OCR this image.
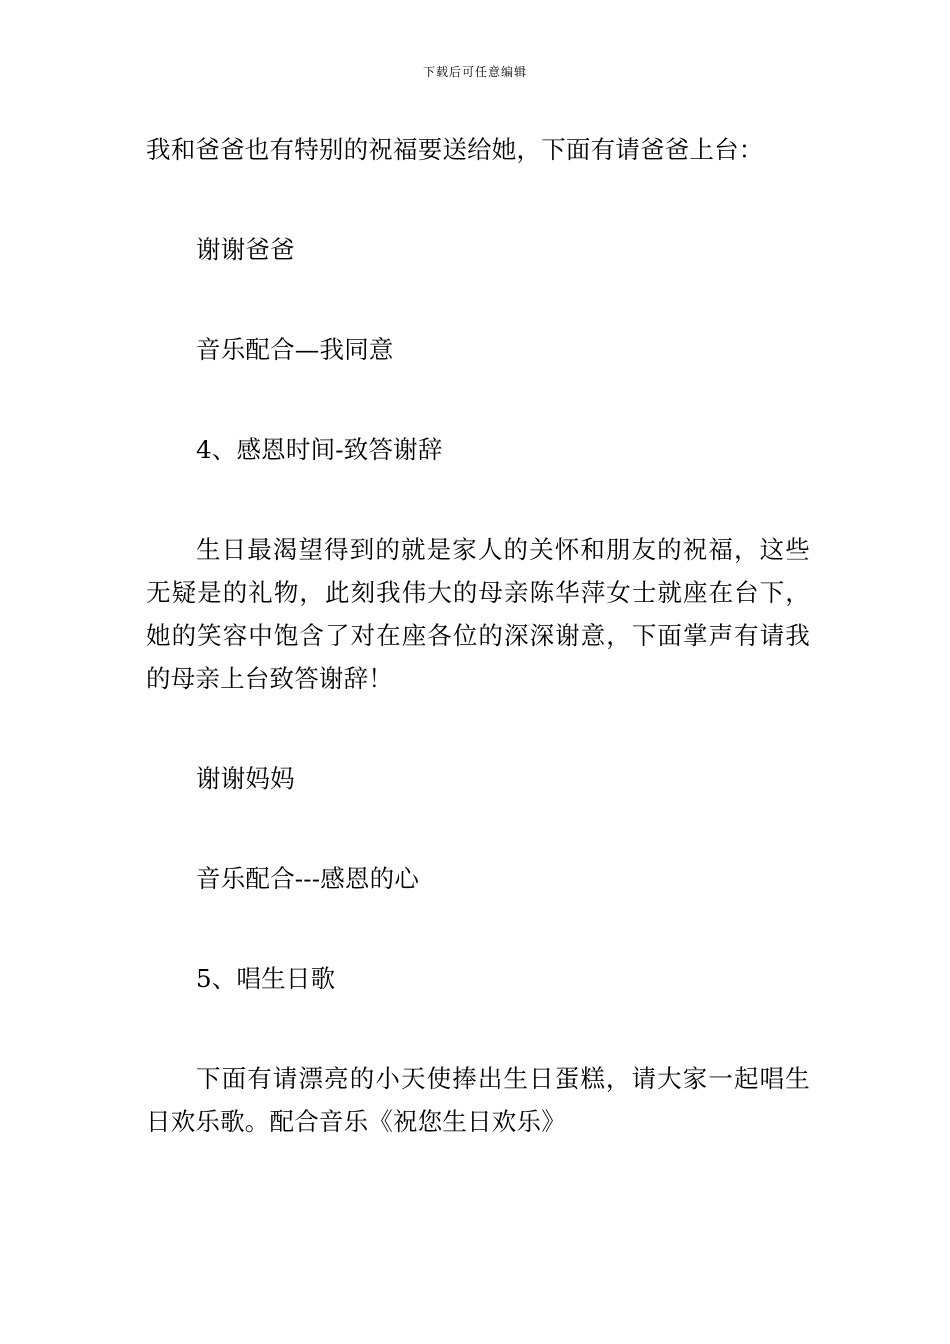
下载后可任意编辑

我和爸爸也有特别的祝福要送给她，下面有请爸爸上台：

谢谢爸爸

音乐配合—我同意

4、感恩时间-致答谢辞

生日最渴望得到的就是家人的关怀和朋友的祝福，这些无疑是的礼物，此刻我伟大的母亲陈华萍女士就座在台下，她的笑容中饱含了对在座各位的深深谢意，下面掌声有请我的母亲上台致答谢辞！

谢谢妈妈

音乐配合---感恩的心

5、唱生日歌

下面有请漂亮的小天使捧出生日蛋糕，请大家一起唱生日欢乐歌。配合音乐《祝您生日欢乐》
